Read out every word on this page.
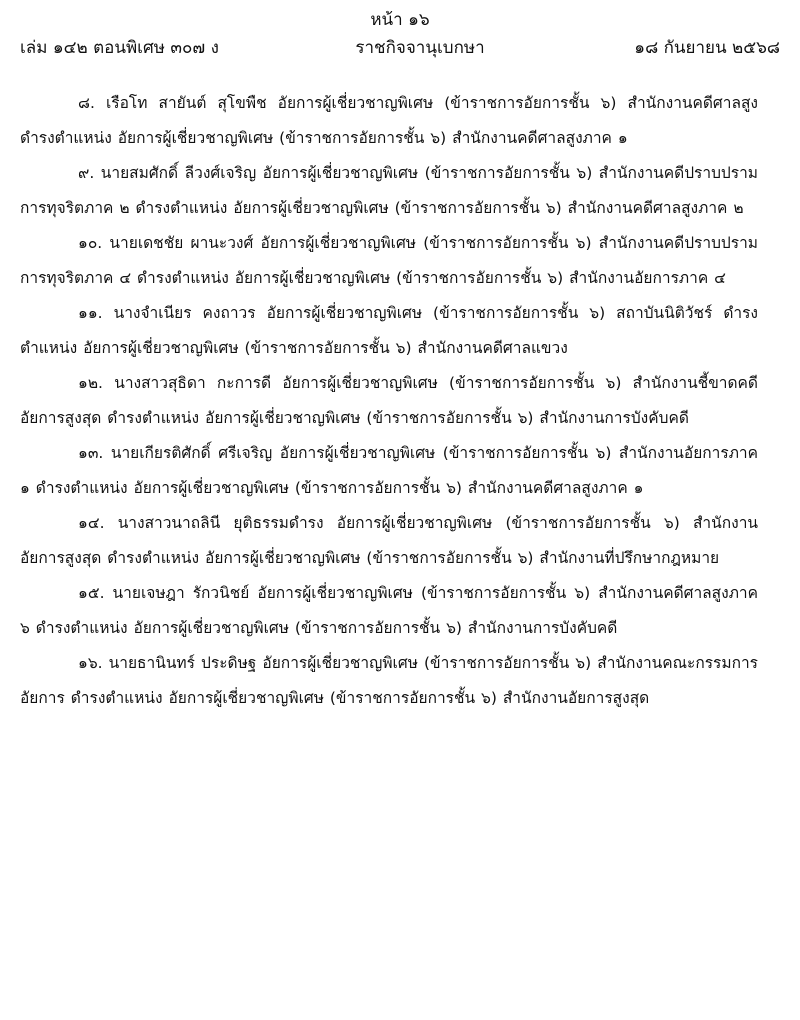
หน้า ๑๖
เล่ม ๑๔๒ ตอนพิเศษ ๓๐๗ ง	ราชกิจจานุเบกษา	๑๘ กันยายน ๒๕๖๘

๘. เรือโท สายันต์ สุโขพืช อัยการผู้เชี่ยวชาญพิเศษ (ข้าราชการอัยการชั้น ๖) สำนักงานคดีศาลสูง ดำรงตำแหน่ง อัยการผู้เชี่ยวชาญพิเศษ (ข้าราชการอัยการชั้น ๖) สำนักงานคดีศาลสูงภาค ๑

๙. นายสมศักดิ์ ลีวงศ์เจริญ อัยการผู้เชี่ยวชาญพิเศษ (ข้าราชการอัยการชั้น ๖) สำนักงานคดีปราบปรามการทุจริตภาค ๒ ดำรงตำแหน่ง อัยการผู้เชี่ยวชาญพิเศษ (ข้าราชการอัยการชั้น ๖) สำนักงานคดีศาลสูงภาค ๒

๑๐. นายเดชชัย ผานะวงศ์ อัยการผู้เชี่ยวชาญพิเศษ (ข้าราชการอัยการชั้น ๖) สำนักงานคดีปราบปรามการทุจริตภาค ๔ ดำรงตำแหน่ง อัยการผู้เชี่ยวชาญพิเศษ (ข้าราชการอัยการชั้น ๖) สำนักงานอัยการภาค ๔

๑๑. นางจำเนียร คงถาวร อัยการผู้เชี่ยวชาญพิเศษ (ข้าราชการอัยการชั้น ๖) สถาบันนิติวัชร์ ดำรงตำแหน่ง อัยการผู้เชี่ยวชาญพิเศษ (ข้าราชการอัยการชั้น ๖) สำนักงานคดีศาลแขวง

๑๒. นางสาวสุธิดา กะการดี อัยการผู้เชี่ยวชาญพิเศษ (ข้าราชการอัยการชั้น ๖) สำนักงานชี้ขาดคดีอัยการสูงสุด ดำรงตำแหน่ง อัยการผู้เชี่ยวชาญพิเศษ (ข้าราชการอัยการชั้น ๖) สำนักงานการบังคับคดี

๑๓. นายเกียรติศักดิ์ ศรีเจริญ อัยการผู้เชี่ยวชาญพิเศษ (ข้าราชการอัยการชั้น ๖) สำนักงานอัยการภาค ๑ ดำรงตำแหน่ง อัยการผู้เชี่ยวชาญพิเศษ (ข้าราชการอัยการชั้น ๖) สำนักงานคดีศาลสูงภาค ๑

๑๔. นางสาวนาถลินี ยุติธรรมดำรง อัยการผู้เชี่ยวชาญพิเศษ (ข้าราชการอัยการชั้น ๖) สำนักงานอัยการสูงสุด ดำรงตำแหน่ง อัยการผู้เชี่ยวชาญพิเศษ (ข้าราชการอัยการชั้น ๖) สำนักงานที่ปรึกษากฎหมาย

๑๕. นายเจษฎา รักวนิชย์ อัยการผู้เชี่ยวชาญพิเศษ (ข้าราชการอัยการชั้น ๖) สำนักงานคดีศาลสูงภาค ๖ ดำรงตำแหน่ง อัยการผู้เชี่ยวชาญพิเศษ (ข้าราชการอัยการชั้น ๖) สำนักงานการบังคับคดี

๑๖. นายธานินทร์ ประดิษฐ อัยการผู้เชี่ยวชาญพิเศษ (ข้าราชการอัยการชั้น ๖) สำนักงานคณะกรรมการอัยการ ดำรงตำแหน่ง อัยการผู้เชี่ยวชาญพิเศษ (ข้าราชการอัยการชั้น ๖) สำนักงานอัยการสูงสุด
